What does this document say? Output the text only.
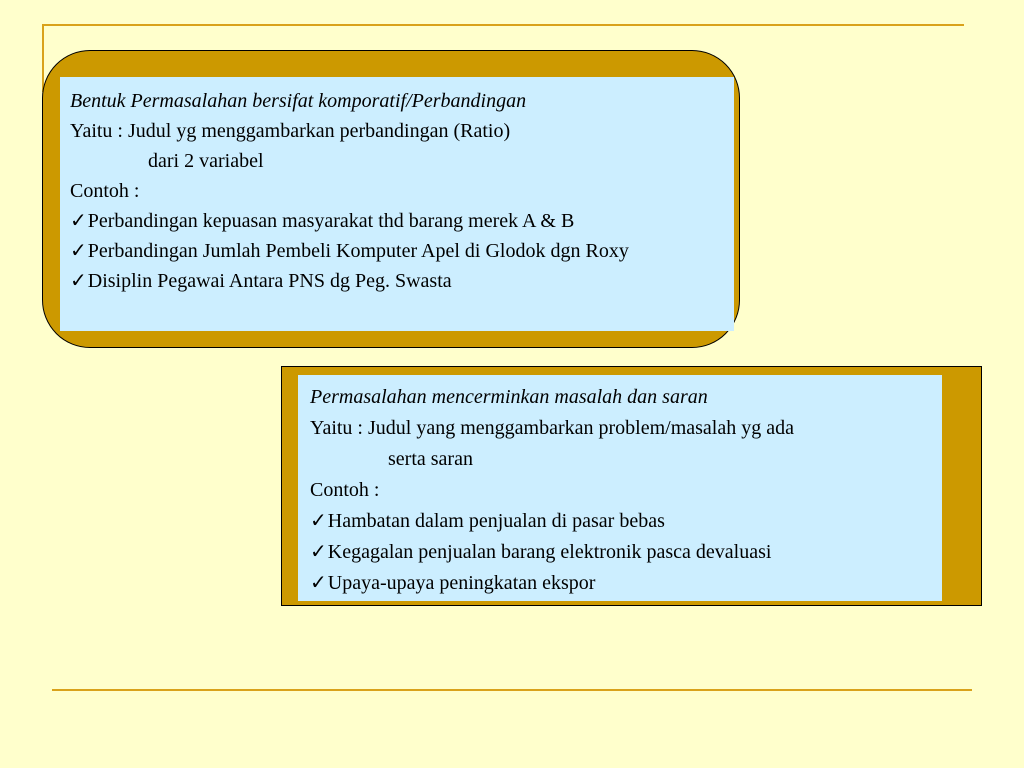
Bentuk Permasalahan bersifat komporatif/Perbandingan
Yaitu : Judul yg menggambarkan perbandingan (Ratio)
dari 2 variabel
Contoh :
✓Perbandingan kepuasan masyarakat thd barang merek A & B
✓Perbandingan Jumlah Pembeli Komputer Apel di Glodok dgn Roxy
✓Disiplin Pegawai Antara PNS dg Peg. Swasta
Permasalahan mencerminkan masalah dan saran
Yaitu : Judul yang menggambarkan problem/masalah yg ada
serta saran
Contoh :
✓Hambatan dalam penjualan di pasar bebas
✓Kegagalan penjualan barang elektronik pasca devaluasi
✓Upaya-upaya peningkatan ekspor
